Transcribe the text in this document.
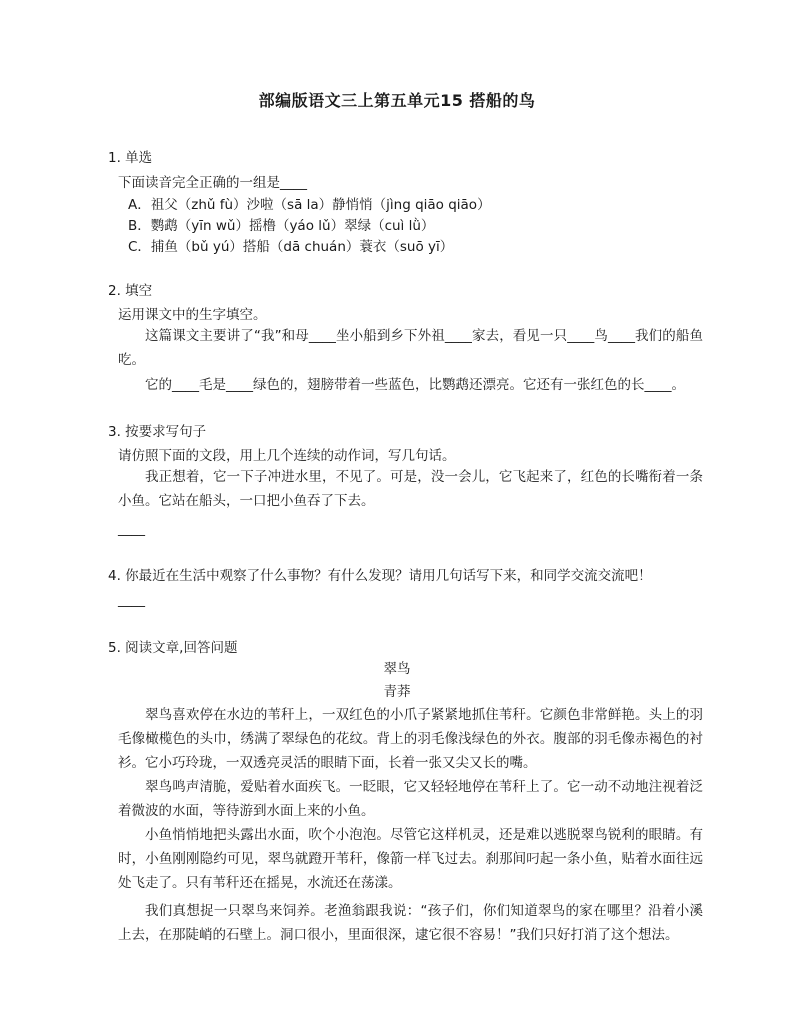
部编版语文三上第五单元15 搭船的鸟
1. 单选
下面读音完全正确的一组是____
A．祖父（zhǔ fù）沙啦（sā la）静悄悄（jìng qiāo qiāo）
B．鹦鹉（yīn wǔ）摇橹（yáo lǔ）翠绿（cuì lǜ）
C．捕鱼（bǔ yú）搭船（dā chuán）蓑衣（suō yī）
2. 填空
运用课文中的生字填空。
这篇课文主要讲了“我”和母____坐小船到乡下外祖____家去，看见一只____鸟____我们的船鱼吃。
它的____毛是____绿色的，翅膀带着一些蓝色，比鹦鹉还漂亮。它还有一张红色的长____。
3. 按要求写句子
请仿照下面的文段，用上几个连续的动作词，写几句话。
我正想着，它一下子冲进水里，不见了。可是，没一会儿，它飞起来了，红色的长嘴衔着一条小鱼。它站在船头，一口把小鱼吞了下去。
____
4. 你最近在生活中观察了什么事物？有什么发现？请用几句话写下来，和同学交流交流吧！
____
5. 阅读文章,回答问题
翠鸟
青莽
翠鸟喜欢停在水边的苇秆上，一双红色的小爪子紧紧地抓住苇秆。它颜色非常鲜艳。头上的羽毛像橄榄色的头巾，绣满了翠绿色的花纹。背上的羽毛像浅绿色的外衣。腹部的羽毛像赤褐色的衬衫。它小巧玲珑，一双透亮灵活的眼睛下面，长着一张又尖又长的嘴。
翠鸟鸣声清脆，爱贴着水面疾飞。一眨眼，它又轻轻地停在苇秆上了。它一动不动地注视着泛着微波的水面，等待游到水面上来的小鱼。
小鱼悄悄地把头露出水面，吹个小泡泡。尽管它这样机灵，还是难以逃脱翠鸟锐利的眼睛。有时，小鱼刚刚隐约可见，翠鸟就蹬开苇秆，像箭一样飞过去。刹那间叼起一条小鱼，贴着水面往远处飞走了。只有苇秆还在摇晃，水流还在荡漾。
我们真想捉一只翠鸟来饲养。老渔翁跟我说：“孩子们，你们知道翠鸟的家在哪里？沿着小溪上去，在那陡峭的石壁上。洞口很小，里面很深，逮它很不容易！”我们只好打消了这个想法。
